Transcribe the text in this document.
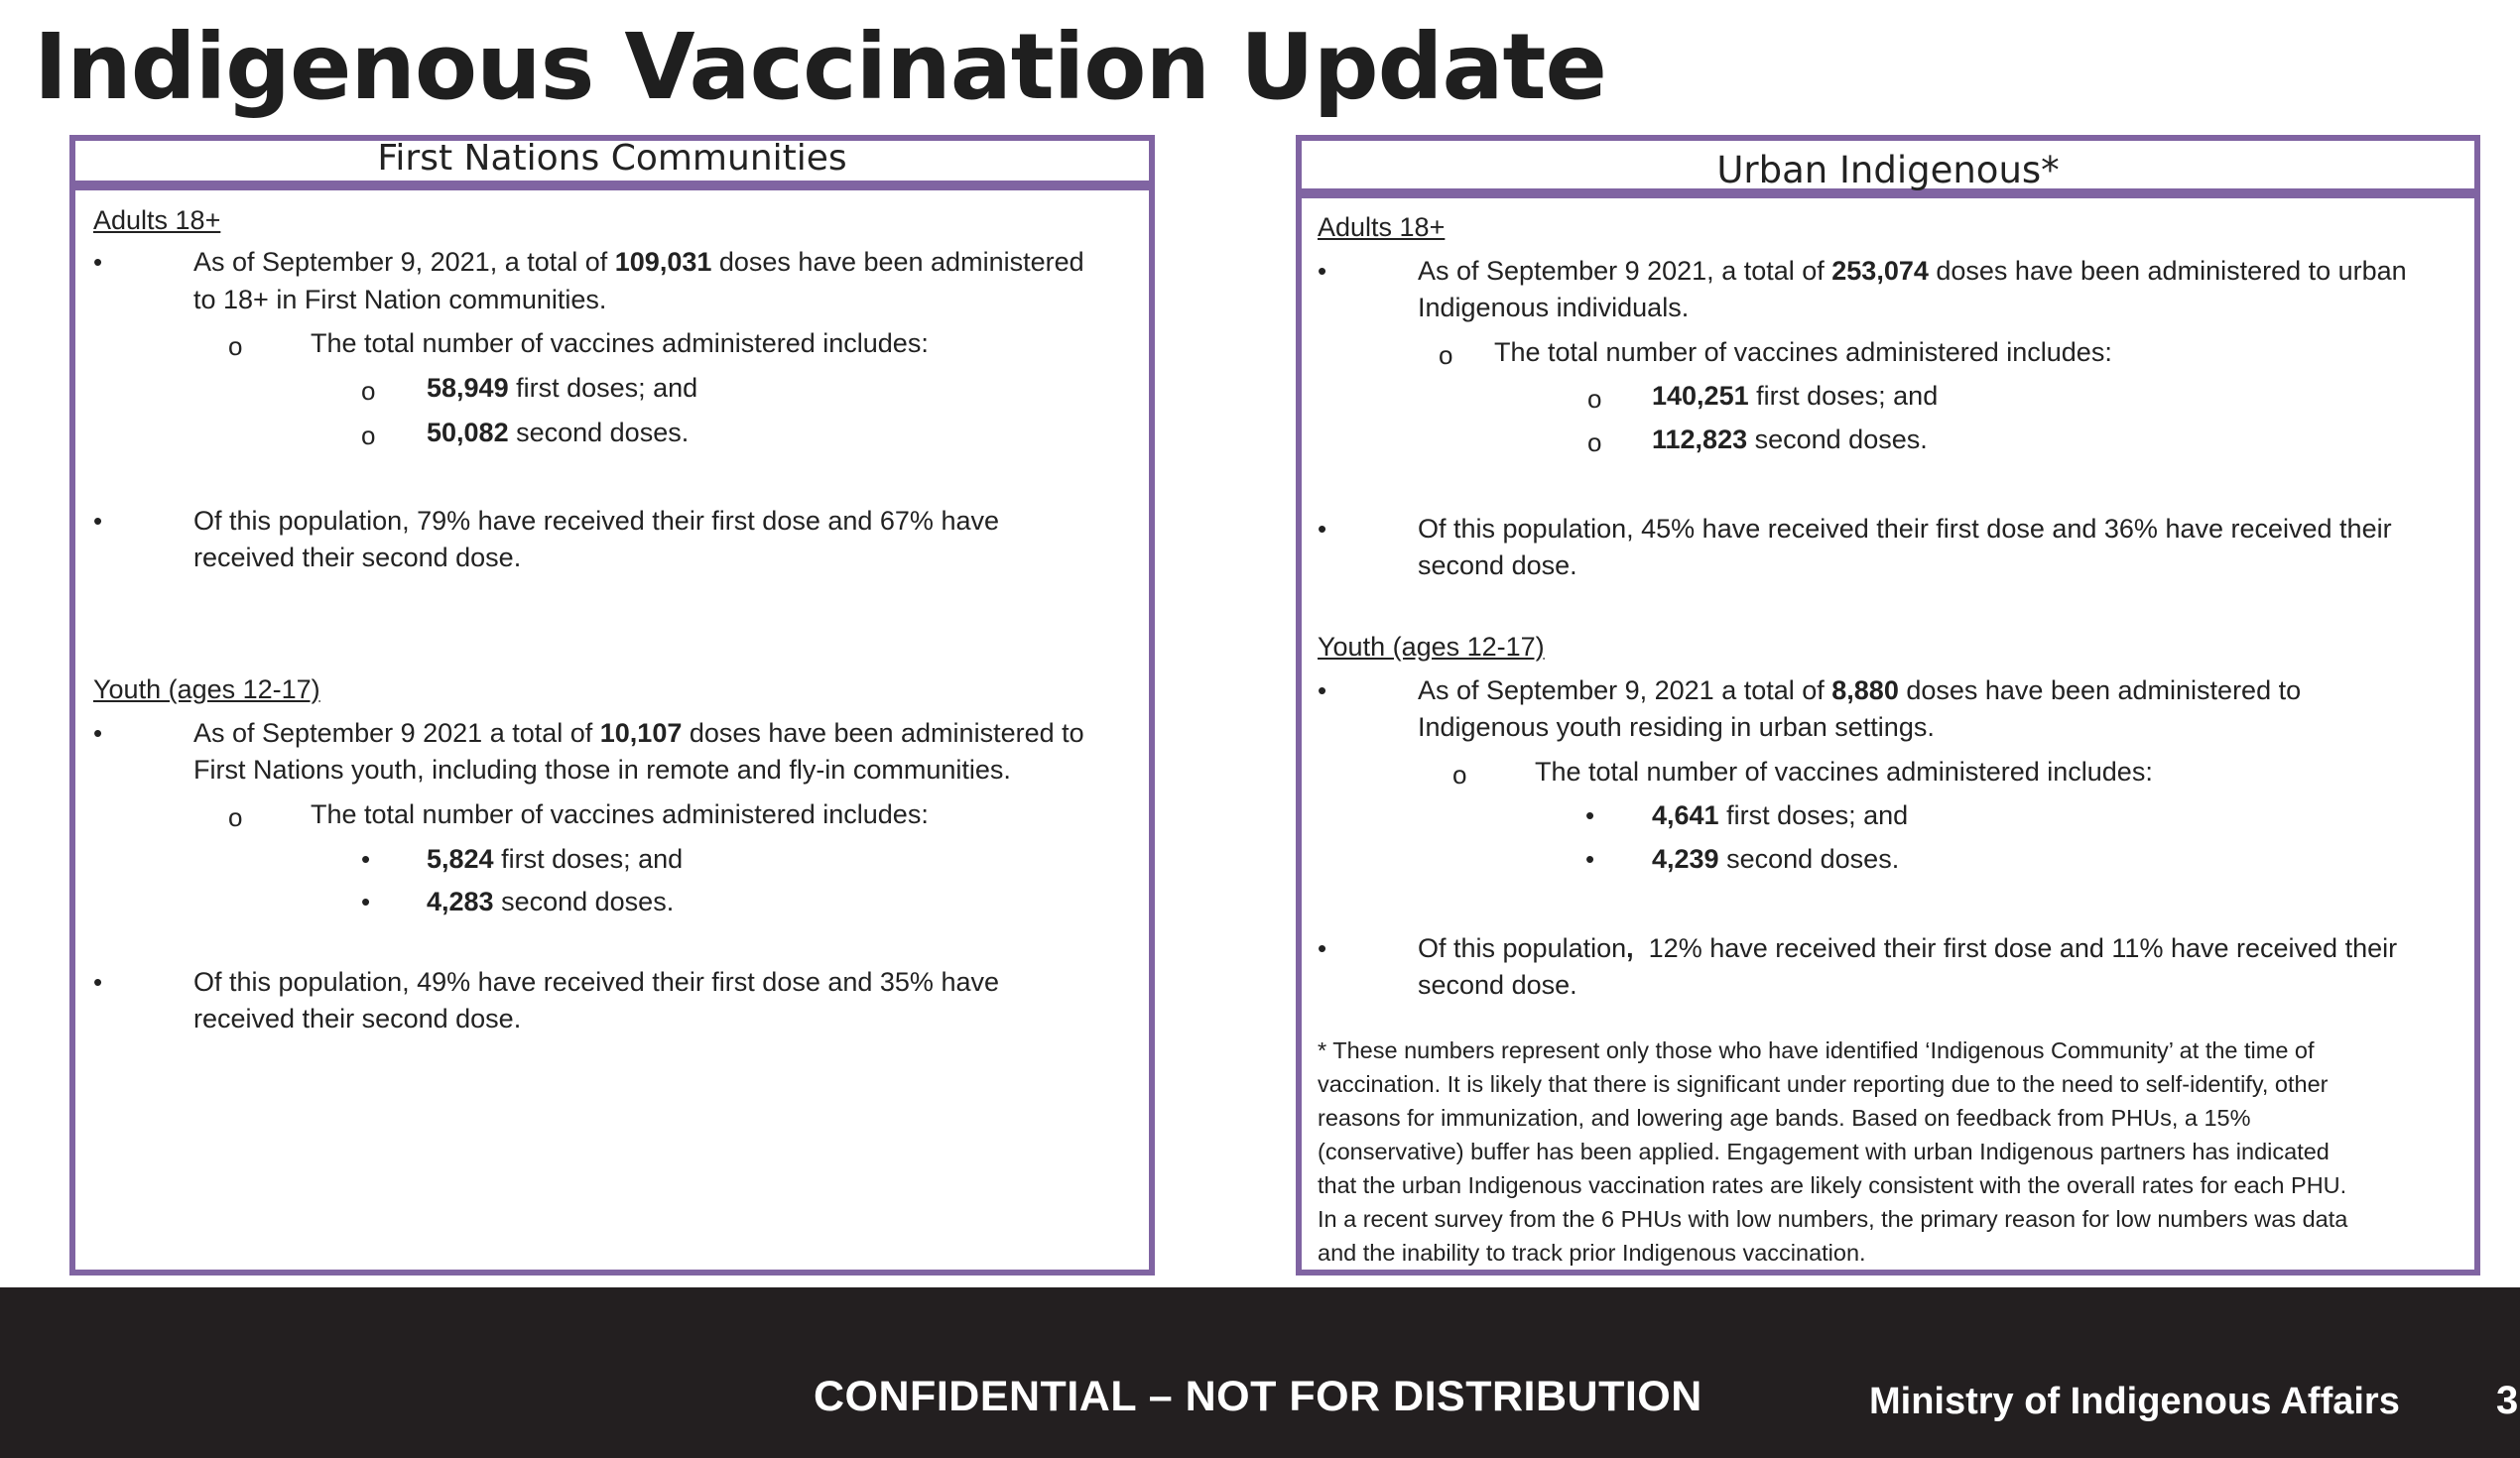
Indigenous Vaccination Update
First Nations Communities
Adults 18+
•	As of September 9, 2021, a total of 109,031 doses have been administered
to 18+ in First Nation communities.
o	The total number of vaccines administered includes:
o 58,949 first doses; and
o 50,082 second doses.
•	Of this population, 79% have received their first dose and 67% have
received their second dose.
Youth (ages 12-17)
•	As of September 9 2021 a total of 10,107 doses have been administered to
First Nations youth, including those in remote and fly-in communities.
o	The total number of vaccines administered includes:
• 5,824 first doses; and
• 4,283 second doses.
•	Of this population, 49% have received their first dose and 35% have
received their second dose.
Urban Indigenous*
Adults 18+
•	As of September 9 2021, a total of 253,074 doses have been administered to urban
Indigenous individuals.
o The total number of vaccines administered includes:
o 140,251 first doses; and
o 112,823 second doses.
•	Of this population, 45% have received their first dose and 36% have received their
second dose.
Youth (ages 12-17)
•	As of September 9, 2021 a total of 8,880 doses have been administered to
Indigenous youth residing in urban settings.
o	The total number of vaccines administered includes:
• 4,641 first doses; and
• 4,239 second doses.
•	Of this population,  12% have received their first dose and 11% have received their
second dose.
* These numbers represent only those who have identified ‘Indigenous Community’ at the time of
vaccination. It is likely that there is significant under reporting due to the need to self-identify, other
reasons for immunization, and lowering age bands. Based on feedback from PHUs, a 15%
(conservative) buffer has been applied. Engagement with urban Indigenous partners has indicated
that the urban Indigenous vaccination rates are likely consistent with the overall rates for each PHU.
In a recent survey from the 6 PHUs with low numbers, the primary reason for low numbers was data
and the inability to track prior Indigenous vaccination.
CONFIDENTIAL – NOT FOR DISTRIBUTION	Ministry of Indigenous Affairs 3
